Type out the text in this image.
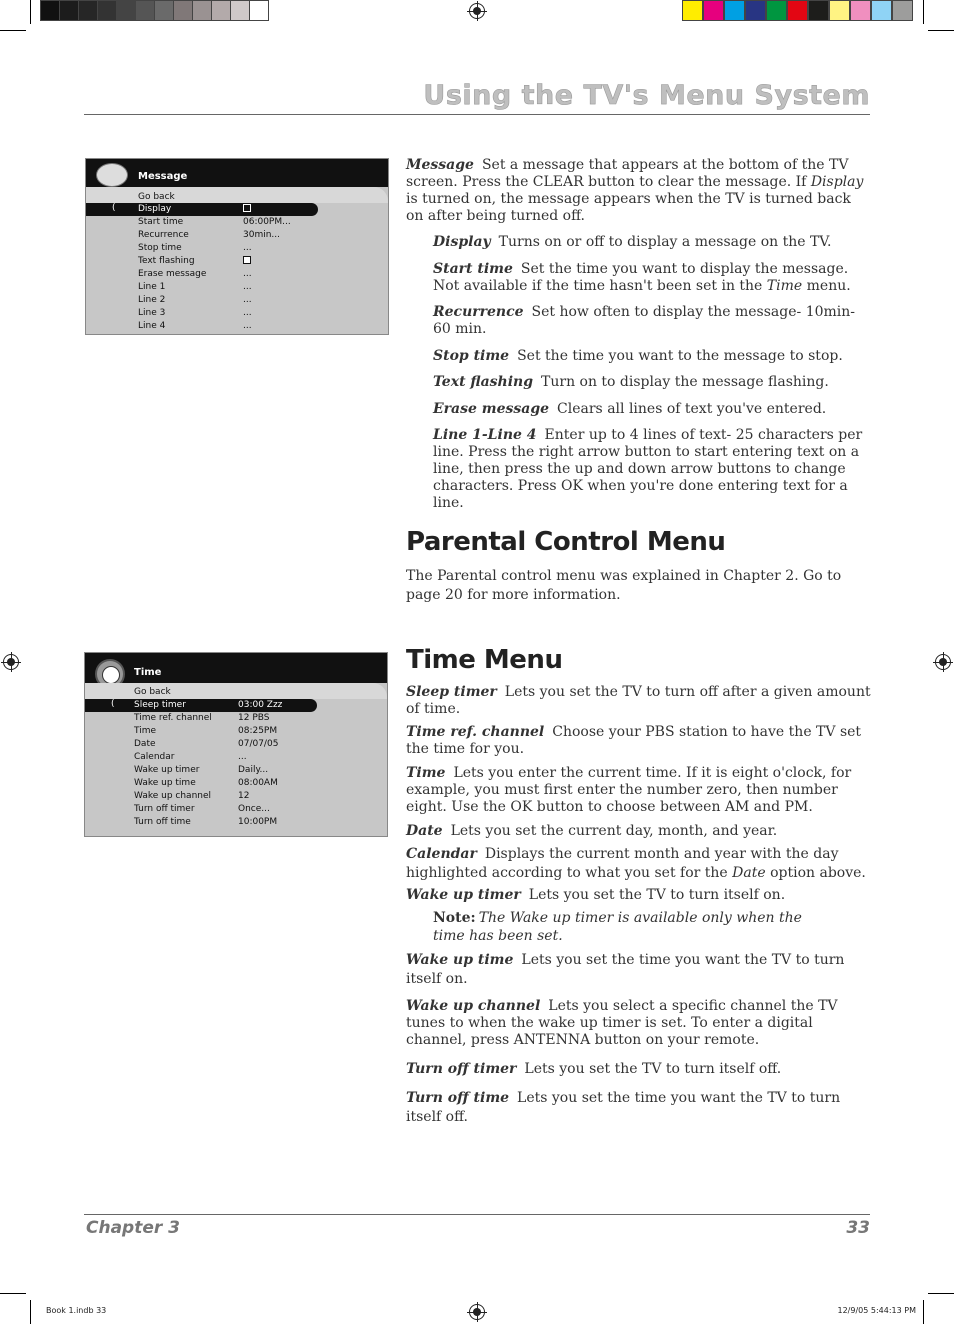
Using the TV's Menu System
Message
Go back
( Display
Start time	06:00PM...
Recurrence	30min...
Stop time	...
Text flashing
Erase message	...
Line 1	...
Line 2	...
Line 3	...
Line 4	...
Time
Go back
( Sleep timer	03:00 Zzz
Time ref. channel	12 PBS
Time	08:25PM
Date	07/07/05
Calendar	...
Wake up timer	Daily...
Wake up time	08:00AM
Wake up channel	12
Turn off timer	Once...
Turn off time	10:00PM
Message Set a message that appears at the bottom of the TV screen. Press the CLEAR button to clear the message. If Display is turned on, the message appears when the TV is turned back on after being turned off.
Display Turns on or off to display a message on the TV.
Start time Set the time you want to display the message. Not available if the time hasn't been set in the Time menu.
Recurrence Set how often to display the message- 10min- 60 min.
Stop time Set the time you want to the message to stop.
Text flashing Turn on to display the message flashing.
Erase message Clears all lines of text you've entered.
Line 1-Line 4 Enter up to 4 lines of text- 25 characters per line. Press the right arrow button to start entering text on a line, then press the up and down arrow buttons to change characters. Press OK when you're done entering text for a line.
Parental Control Menu
The Parental control menu was explained in Chapter 2. Go to page 20 for more information.
Time Menu
Sleep timer Lets you set the TV to turn off after a given amount of time.
Time ref. channel Choose your PBS station to have the TV set the time for you.
Time Lets you enter the current time. If it is eight o'clock, for example, you must first enter the number zero, then number eight. Use the OK button to choose between AM and PM.
Date Lets you set the current day, month, and year.
Calendar Displays the current month and year with the day highlighted according to what you set for the Date option above.
Wake up timer Lets you set the TV to turn itself on.
Note: The Wake up timer is available only when the time has been set.
Wake up time Lets you set the time you want the TV to turn itself on.
Wake up channel Lets you select a specific channel the TV tunes to when the wake up timer is set. To enter a digital channel, press ANTENNA button on your remote.
Turn off timer Lets you set the TV to turn itself off.
Turn off time Lets you set the time you want the TV to turn itself off.
Chapter 3	33
Book 1.indb 33	12/9/05 5:44:13 PM
